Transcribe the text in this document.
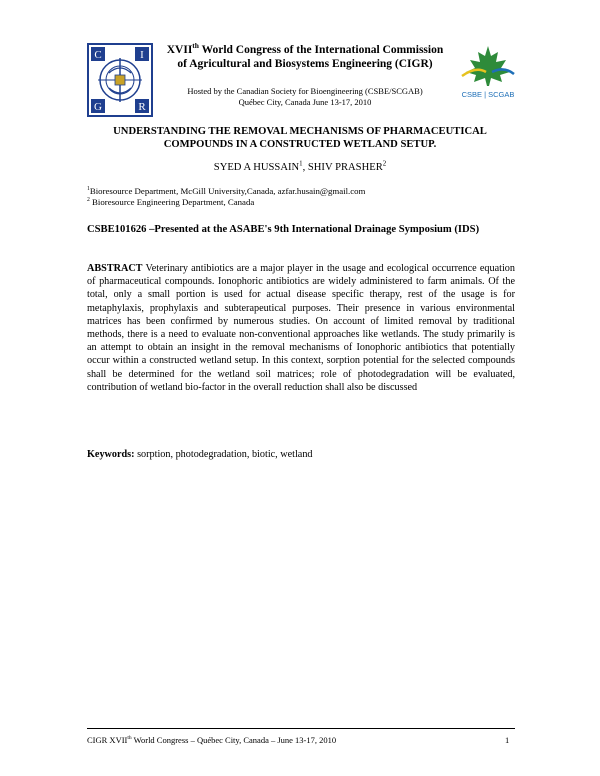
C	I
G	R
XVIIth World Congress of the International Commission
of Agricultural and Biosystems Engineering (CIGR)
Hosted by the Canadian Society for Bioengineering (CSBE/SCGAB)
Québec City, Canada June 13-17, 2010
CSBE | SCGAB
UNDERSTANDING THE REMOVAL MECHANISMS OF PHARMACEUTICAL COMPOUNDS IN A CONSTRUCTED WETLAND SETUP.
SYED A HUSSAIN$^1$, SHIV PRASHER$^2$
$^1$Bioresource Department, McGill University,Canada, azfar.husain@gmail.com
$^2$ Bioresource Engineering Department, Canada
CSBE101626 –Presented at the ASABE's 9th International Drainage Symposium (IDS)
ABSTRACT Veterinary antibiotics are a major player in the usage and ecological occurrence equation of pharmaceutical compounds. Ionophoric antibiotics are widely administered to farm animals. Of the total, only a small portion is used for actual disease specific therapy, rest of the usage is for metaphylaxis, prophylaxis and subterapeutical purposes. Their presence in various environmental matrices has been confirmed by numerous studies. On account of limited removal by traditional methods, there is a need to evaluate non-conventional approaches like wetlands. The study primarily is an attempt to obtain an insight in the removal mechanisms of Ionophoric antibiotics that potentially occur within a constructed wetland setup. In this context, sorption potential for the selected compounds shall be determined for the wetland soil matrices; role of photodegradation will be evaluated, contribution of wetland bio-factor in the overall reduction shall also be discussed
Keywords: sorption, photodegradation, biotic, wetland
CIGR XVIIth World Congress – Québec City, Canada – June 13-17, 2010	1
